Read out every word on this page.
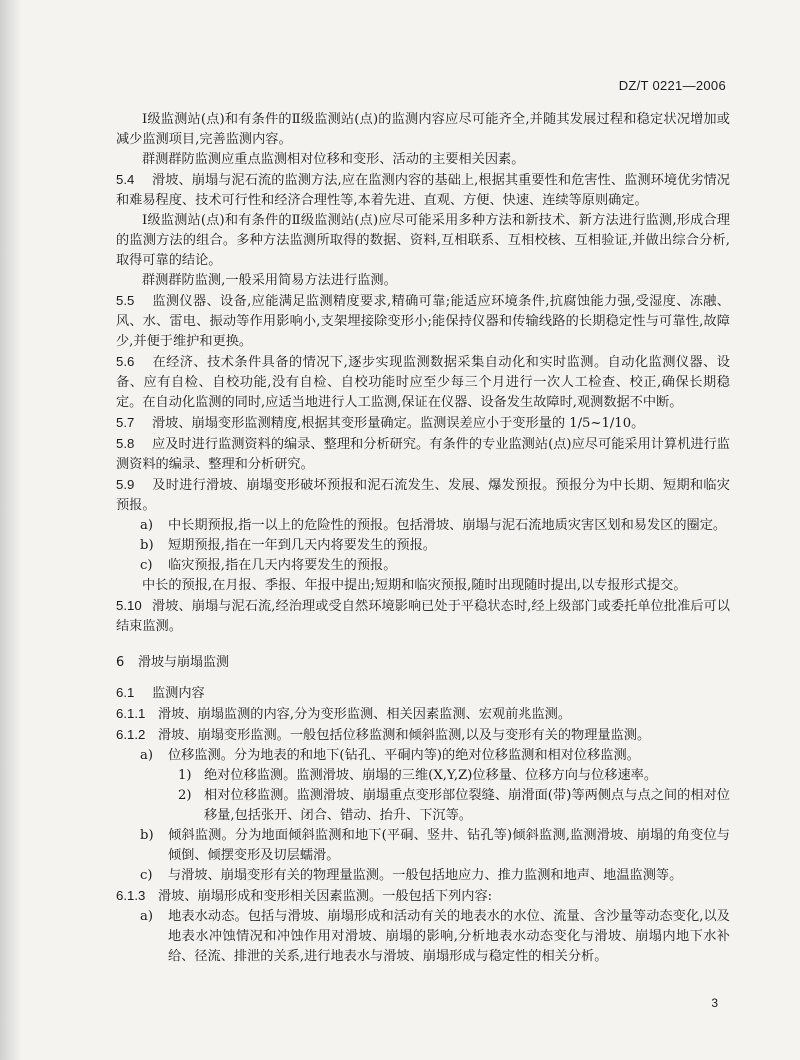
DZ/T 0221—2006

Ⅰ级监测站(点)和有条件的Ⅱ级监测站(点)的监测内容应尽可能齐全,并随其发展过程和稳定状况增加或减少监测项目,完善监测内容。

群测群防监测应重点监测相对位移和变形、活动的主要相关因素。

5.4 滑坡、崩塌与泥石流的监测方法,应在监测内容的基础上,根据其重要性和危害性、监测环境优劣情况和难易程度、技术可行性和经济合理性等,本着先进、直观、方便、快速、连续等原则确定。

Ⅰ级监测站(点)和有条件的Ⅱ级监测站(点)应尽可能采用多种方法和新技术、新方法进行监测,形成合理的监测方法的组合。多种方法监测所取得的数据、资料,互相联系、互相校核、互相验证,并做出综合分析,取得可靠的结论。

群测群防监测,一般采用简易方法进行监测。

5.5 监测仪器、设备,应能满足监测精度要求,精确可靠;能适应环境条件,抗腐蚀能力强,受湿度、冻融、风、水、雷电、振动等作用影响小,支架埋接除变形小;能保持仪器和传输线路的长期稳定性与可靠性,故障少,并便于维护和更换。

5.6 在经济、技术条件具备的情况下,逐步实现监测数据采集自动化和实时监测。自动化监测仪器、设备、应有自检、自校功能,没有自检、自校功能时应至少每三个月进行一次人工检查、校正,确保长期稳定。在自动化监测的同时,应适当地进行人工监测,保证在仪器、设备发生故障时,观测数据不中断。

5.7 滑坡、崩塌变形监测精度,根据其变形量确定。监测误差应小于变形量的 1/5~1/10。

5.8 应及时进行监测资料的编录、整理和分析研究。有条件的专业监测站(点)应尽可能采用计算机进行监测资料的编录、整理和分析研究。

5.9 及时进行滑坡、崩塌变形破坏预报和泥石流发生、发展、爆发预报。预报分为中长期、短期和临灾预报。

a) 中长期预报,指一以上的危险性的预报。包括滑坡、崩塌与泥石流地质灾害区划和易发区的圈定。

b) 短期预报,指在一年到几天内将要发生的预报。

c) 临灾预报,指在几天内将要发生的预报。

中长的预报,在月报、季报、年报中提出;短期和临灾预报,随时出现随时提出,以专报形式提交。

5.10 滑坡、崩塌与泥石流,经治理或受自然环境影响已处于平稳状态时,经上级部门或委托单位批准后可以结束监测。

6 滑坡与崩塌监测

6.1 监测内容

6.1.1 滑坡、崩塌监测的内容,分为变形监测、相关因素监测、宏观前兆监测。

6.1.2 滑坡、崩塌变形监测。一般包括位移监测和倾斜监测,以及与变形有关的物理量监测。

a) 位移监测。分为地表的和地下(钻孔、平硐内等)的绝对位移监测和相对位移监测。

1) 绝对位移监测。监测滑坡、崩塌的三维(X,Y,Z)位移量、位移方向与位移速率。

2) 相对位移监测。监测滑坡、崩塌重点变形部位裂缝、崩滑面(带)等两侧点与点之间的相对位移量,包括张开、闭合、错动、抬升、下沉等。

b) 倾斜监测。分为地面倾斜监测和地下(平硐、竖井、钻孔等)倾斜监测,监测滑坡、崩塌的角变位与倾倒、倾摆变形及切层蠕滑。

c) 与滑坡、崩塌变形有关的物理量监测。一般包括地应力、推力监测和地声、地温监测等。

6.1.3 滑坡、崩塌形成和变形相关因素监测。一般包括下列内容:

a) 地表水动态。包括与滑坡、崩塌形成和活动有关的地表水的水位、流量、含沙量等动态变化,以及地表水冲蚀情况和冲蚀作用对滑坡、崩塌的影响,分析地表水动态变化与滑坡、崩塌内地下水补给、径流、排泄的关系,进行地表水与滑坡、崩塌形成与稳定性的相关分析。

3
